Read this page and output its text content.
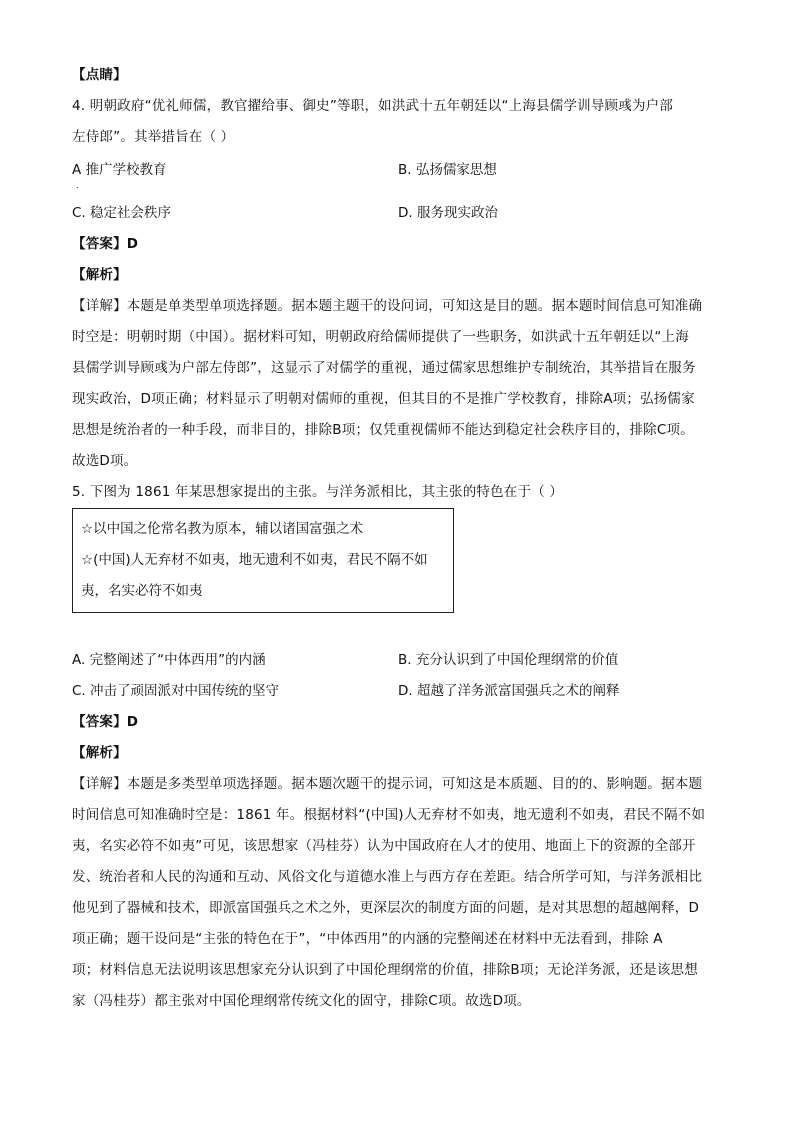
【点睛】
4. 明朝政府“优礼师儒，教官擢给事、御史”等职，如洪武十五年朝廷以“上海县儒学训导顾彧为户部
左侍郎”。其举措旨在（ ）
A 推广学校教育
.
B. 弘扬儒家思想
C. 稳定社会秩序	D. 服务现实政治
【答案】D
【解析】
【详解】本题是单类型单项选择题。据本题主题干的设问词，可知这是目的题。据本题时间信息可知准确
时空是：明朝时期（中国）。据材料可知，明朝政府给儒师提供了一些职务，如洪武十五年朝廷以“上海
县儒学训导顾彧为户部左侍郎”，这显示了对儒学的重视，通过儒家思想维护专制统治，其举措旨在服务
现实政治，D项正确；材料显示了明朝对儒师的重视，但其目的不是推广学校教育，排除A项；弘扬儒家
思想是统治者的一种手段，而非目的，排除B项；仅凭重视儒师不能达到稳定社会秩序目的，排除C项。
故选D项。
5. 下图为 1861 年某思想家提出的主张。与洋务派相比，其主张的特色在于（ ）
☆以中国之伦常名教为原本，辅以诸国富强之术
☆(中国)人无弃材不如夷，地无遗利不如夷，君民不隔不如
夷，名实必符不如夷
A. 完整阐述了“中体西用”的内涵	B. 充分认识到了中国伦理纲常的价值
C. 冲击了顽固派对中国传统的坚守	D. 超越了洋务派富国强兵之术的阐释
【答案】D
【解析】
【详解】本题是多类型单项选择题。据本题次题干的提示词，可知这是本质题、目的的、影响题。据本题
时间信息可知准确时空是：1861 年。根据材料“(中国)人无弃材不如夷，地无遗利不如夷，君民不隔不如
夷，名实必符不如夷”可见，该思想家（冯桂芬）认为中国政府在人才的使用、地面上下的资源的全部开
发、统治者和人民的沟通和互动、风俗文化与道德水准上与西方存在差距。结合所学可知，与洋务派相比
他见到了器械和技术，即派富国强兵之术之外，更深层次的制度方面的问题，是对其思想的超越阐释，D
项正确；题干设问是“主张的特色在于”，“中体西用”的内涵的完整阐述在材料中无法看到，排除 A
项；材料信息无法说明该思想家充分认识到了中国伦理纲常的价值，排除B项；无论洋务派，还是该思想
家（冯桂芬）都主张对中国伦理纲常传统文化的固守，排除C项。故选D项。
